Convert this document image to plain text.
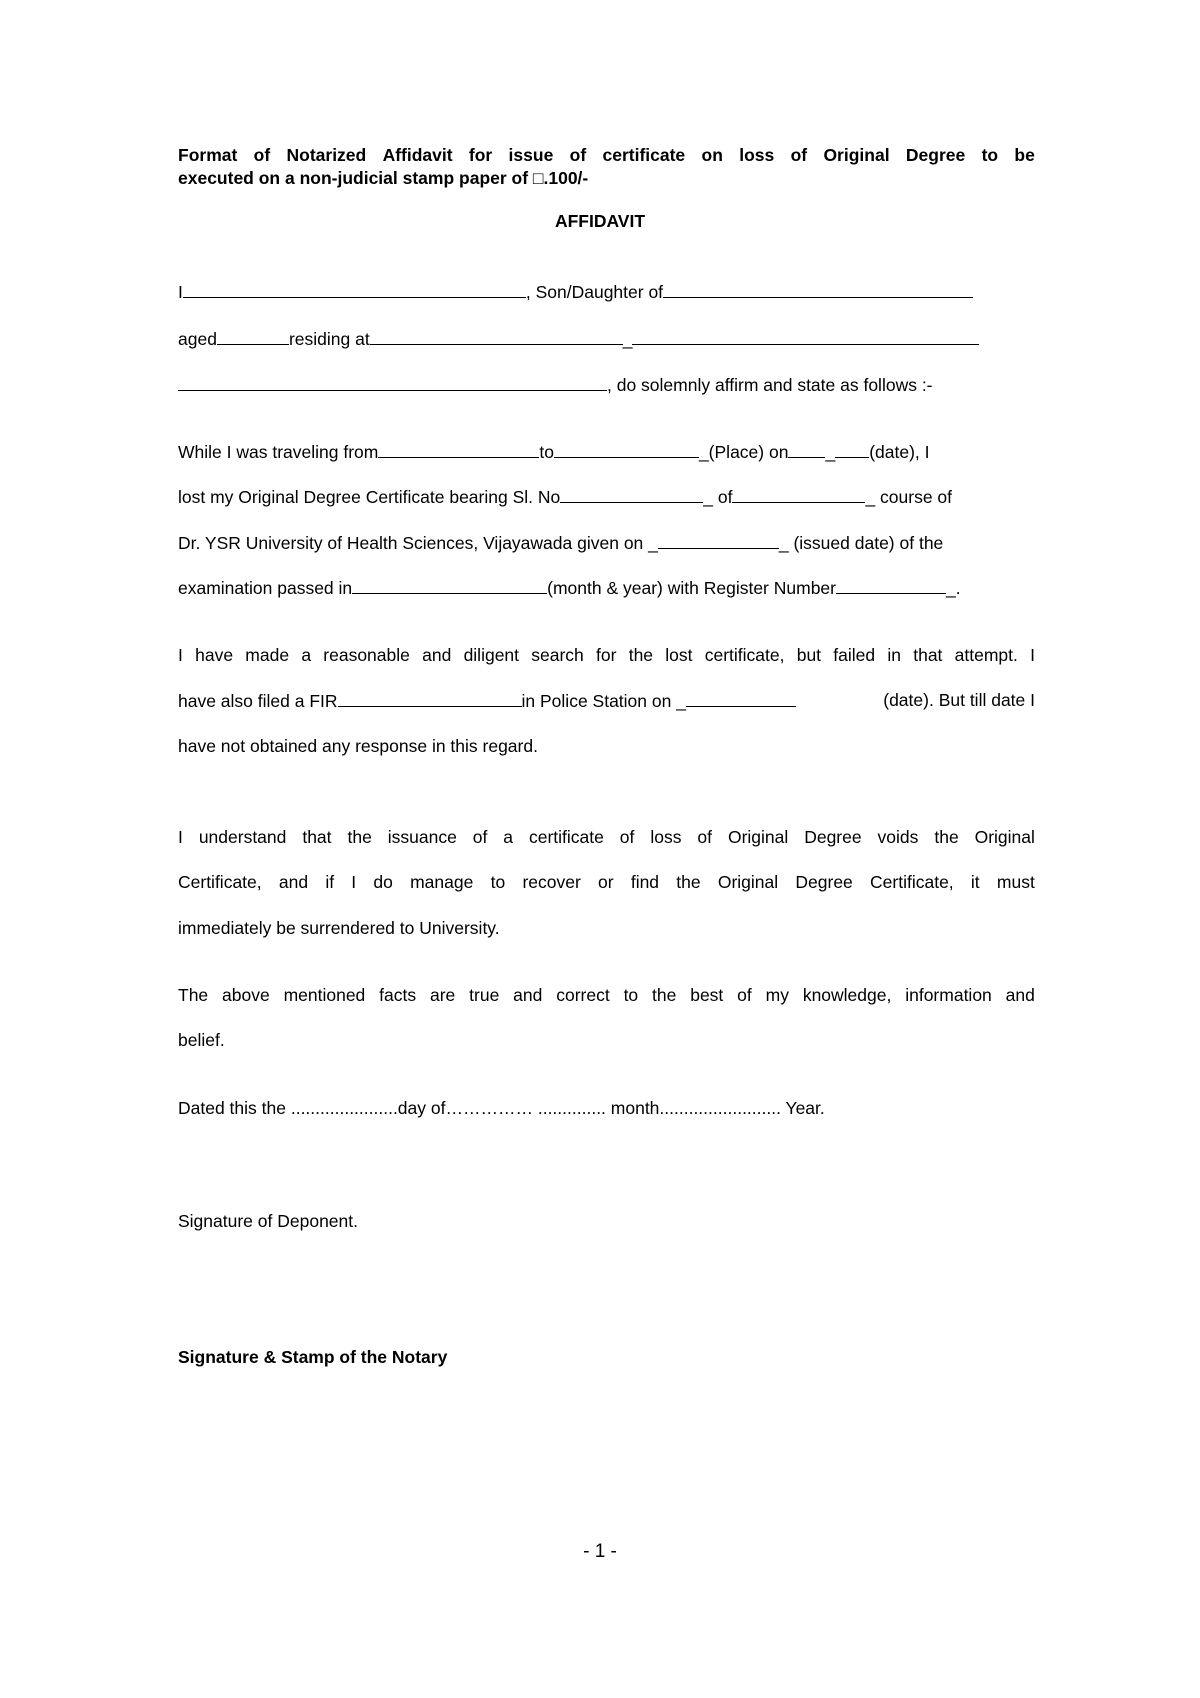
Format of Notarized Affidavit for issue of certificate on loss of Original Degree to be
executed on a non-judicial stamp paper of □.100/-
AFFIDAVIT
I	, Son/Daughter of
aged	residing at	_
, do solemnly affirm and state as follows :-
While I was traveling from	to	_(Place) on _ (date), I
lost my Original Degree Certificate bearing Sl. No	_ of	_ course of
Dr. YSR University of Health Sciences, Vijayawada given on _	_ (issued date) of the
examination passed in	(month & year) with Register Number	_.
I have made a reasonable and diligent search for the lost certificate, but failed in that attempt. I
have also filed a FIR	in Police Station on _	(date). But till date I
have not obtained any response in this regard.
I understand that the issuance of a certificate of loss of Original Degree voids the Original
Certificate, and if I do manage to recover or find the Original Degree Certificate, it must
immediately be surrendered to University.
The above mentioned facts are true and correct to the best of my knowledge, information and
belief.
Dated this the ......................day of…………… .............. month......................... Year.
Signature of Deponent.
Signature & Stamp of the Notary
- 1 -
